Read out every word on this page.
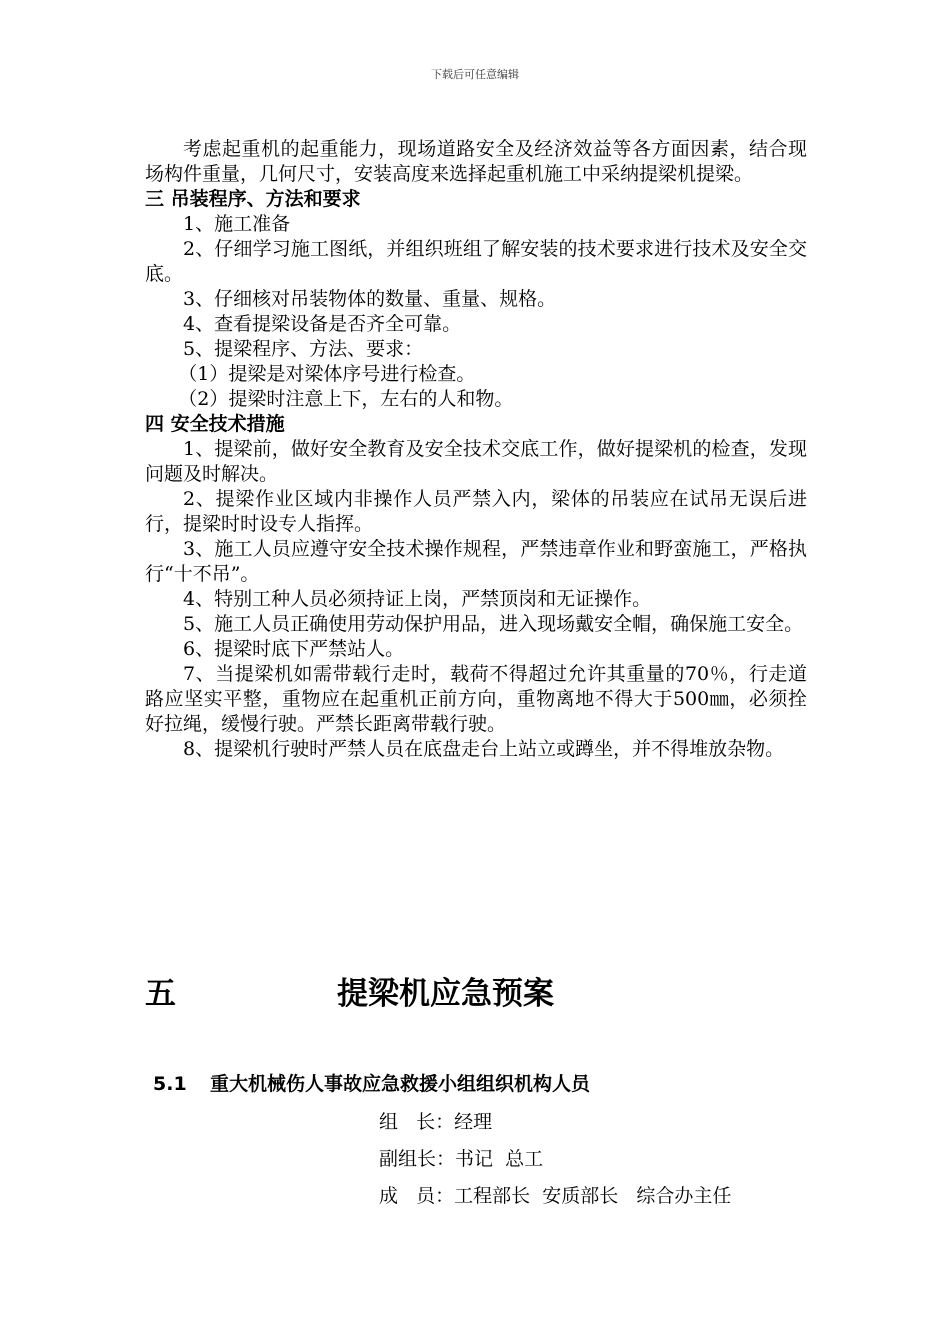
下载后可任意编辑

考虑起重机的起重能力，现场道路安全及经济效益等各方面因素，结合现场构件重量，几何尺寸，安装高度来选择起重机施工中采纳提梁机提梁。

三 吊装程序、方法和要求

1、施工准备

2、仔细学习施工图纸，并组织班组了解安装的技术要求进行技术及安全交底。

3、仔细核对吊装物体的数量、重量、规格。

4、查看提梁设备是否齐全可靠。

5、提梁程序、方法、要求：

（1）提梁是对梁体序号进行检查。

（2）提梁时注意上下，左右的人和物。

四 安全技术措施

1、提梁前，做好安全教育及安全技术交底工作，做好提梁机的检查，发现问题及时解决。

2、提梁作业区域内非操作人员严禁入内，梁体的吊装应在试吊无误后进行，提梁时时设专人指挥。

3、施工人员应遵守安全技术操作规程，严禁违章作业和野蛮施工，严格执行“十不吊”。

4、特别工种人员必须持证上岗，严禁顶岗和无证操作。

5、施工人员正确使用劳动保护用品，进入现场戴安全帽，确保施工安全。

6、提梁时底下严禁站人。

7、当提梁机如需带载行走时，载荷不得超过允许其重量的70％，行走道路应坚实平整，重物应在起重机正前方向，重物离地不得大于500㎜，必须拴好拉绳，缓慢行驶。严禁长距离带载行驶。

8、提梁机行驶时严禁人员在底盘走台上站立或蹲坐，并不得堆放杂物。

五	提梁机应急预案
5.1 重大机械伤人事故应急救援小组组织机构人员

组   长：经理

副组长：书记  总工

成   员：工程部长  安质部长   综合办主任
